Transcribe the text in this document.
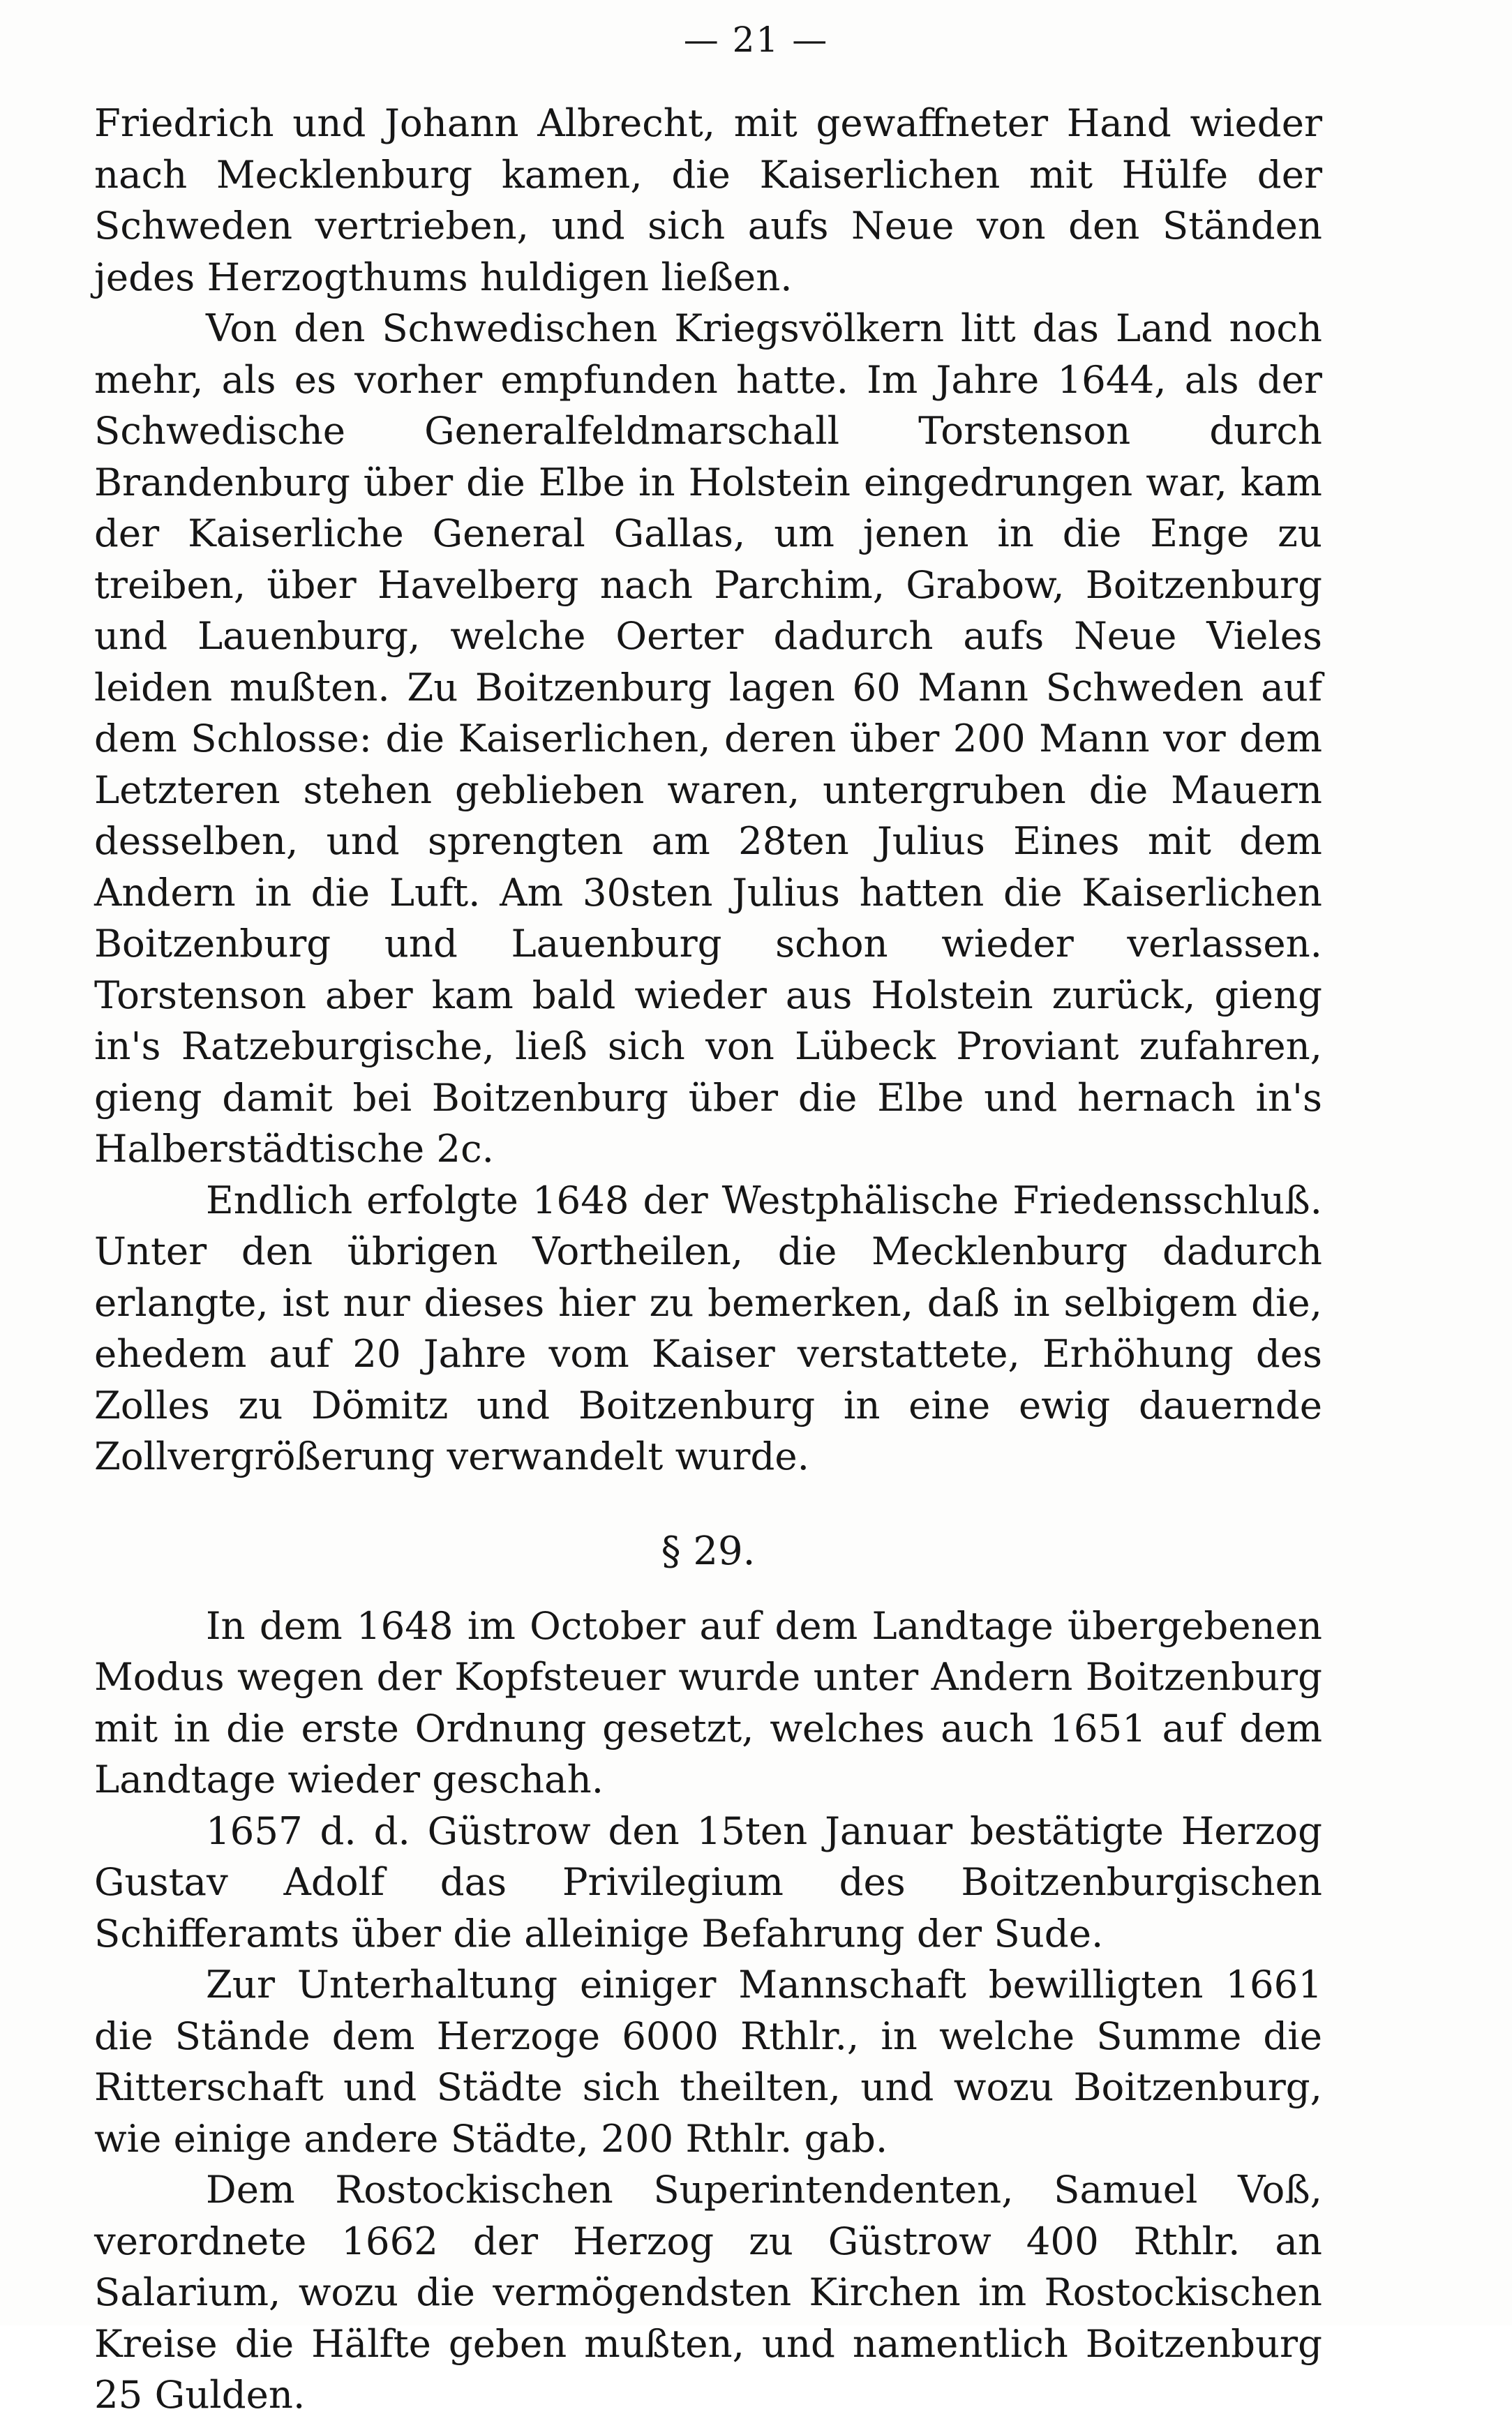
— 21 —

Friedrich und Johann Albrecht, mit gewaffneter Hand wieder nach Mecklenburg kamen, die Kaiserlichen mit Hülfe der Schweden vertrieben, und sich aufs Neue von den Ständen jedes Herzogthums huldigen ließen.

Von den Schwedischen Kriegsvölkern litt das Land noch mehr, als es vorher empfunden hatte. Im Jahre 1644, als der Schwedische Generalfeldmarschall Torstenson durch Brandenburg über die Elbe in Holstein eingedrungen war, kam der Kaiserliche General Gallas, um jenen in die Enge zu treiben, über Havelberg nach Parchim, Grabow, Boitzenburg und Lauenburg, welche Oerter dadurch aufs Neue Vieles leiden mußten. Zu Boitzenburg lagen 60 Mann Schweden auf dem Schlosse: die Kaiserlichen, deren über 200 Mann vor dem Letzteren stehen geblieben waren, untergruben die Mauern desselben, und sprengten am 28ten Julius Eines mit dem Andern in die Luft. Am 30sten Julius hatten die Kaiserlichen Boitzenburg und Lauenburg schon wieder verlassen. Torstenson aber kam bald wieder aus Holstein zurück, gieng in's Ratzeburgische, ließ sich von Lübeck Proviant zufahren, gieng damit bei Boitzenburg über die Elbe und hernach in's Halberstädtische 2c.

Endlich erfolgte 1648 der Westphälische Friedensschluß. Unter den übrigen Vortheilen, die Mecklenburg dadurch erlangte, ist nur dieses hier zu bemerken, daß in selbigem die, ehedem auf 20 Jahre vom Kaiser verstattete, Erhöhung des Zolles zu Dömitz und Boitzenburg in eine ewig dauernde Zollvergrößerung verwandelt wurde.

§ 29.

In dem 1648 im October auf dem Landtage übergebenen Modus wegen der Kopfsteuer wurde unter Andern Boitzenburg mit in die erste Ordnung gesetzt, welches auch 1651 auf dem Landtage wieder geschah.

1657 d. d. Güstrow den 15ten Januar bestätigte Herzog Gustav Adolf das Privilegium des Boitzenburgischen Schifferamts über die alleinige Befahrung der Sude.

Zur Unterhaltung einiger Mannschaft bewilligten 1661 die Stände dem Herzoge 6000 Rthlr., in welche Summe die Ritterschaft und Städte sich theilten, und wozu Boitzenburg, wie einige andere Städte, 200 Rthlr. gab.

Dem Rostockischen Superintendenten, Samuel Voß, verordnete 1662 der Herzog zu Güstrow 400 Rthlr. an Salarium, wozu die vermögendsten Kirchen im Rostockischen Kreise die Hälfte geben mußten, und namentlich Boitzenburg 25 Gulden.
